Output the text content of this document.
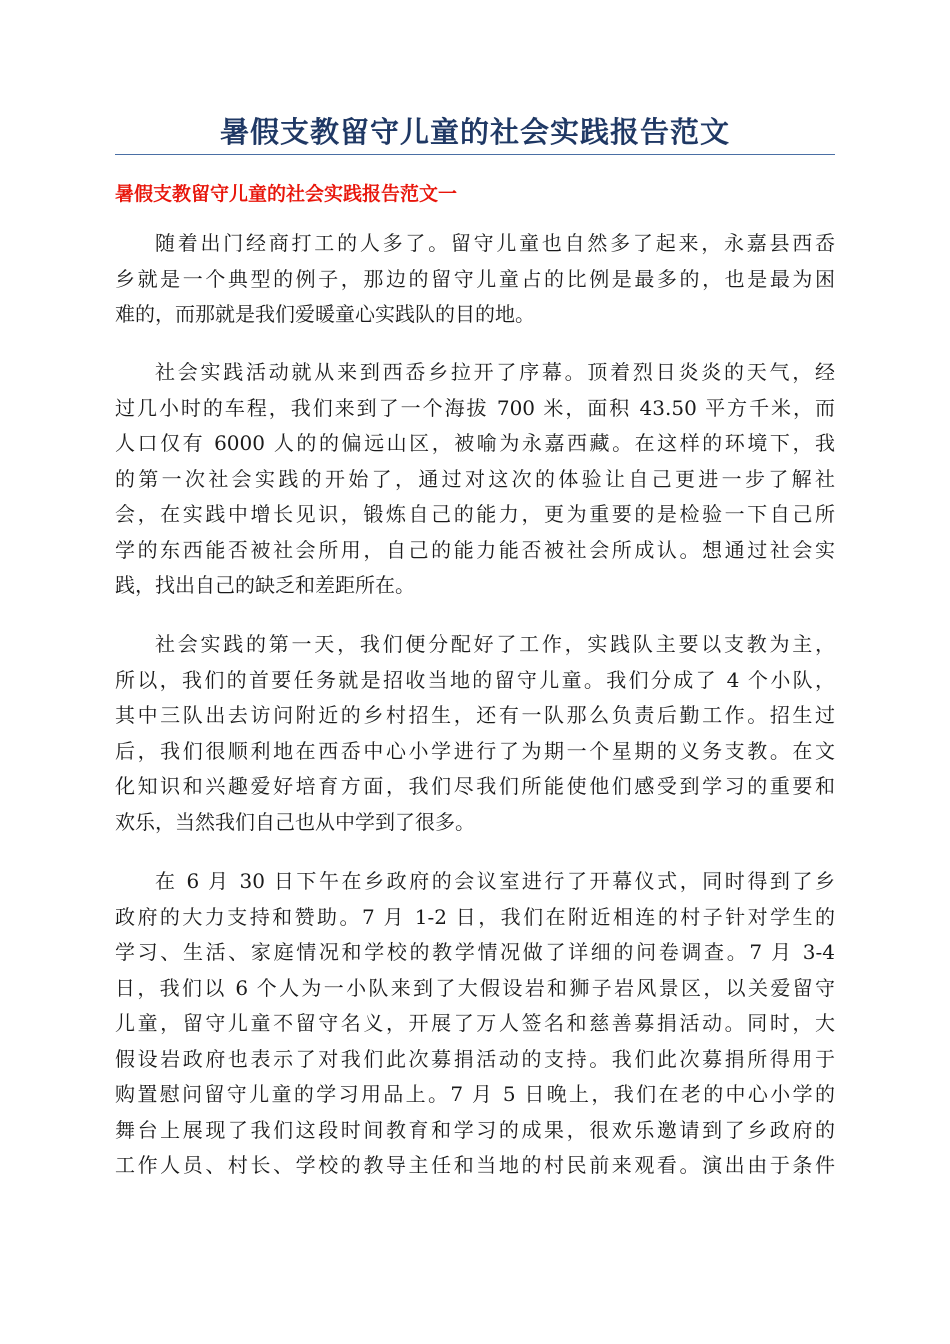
暑假支教留守儿童的社会实践报告范文
暑假支教留守儿童的社会实践报告范文一

随着出门经商打工的人多了。留守儿童也自然多了起来，永嘉县西岙
乡就是一个典型的例子，那边的留守儿童占的比例是最多的，也是最为困
难的，而那就是我们爱暖童心实践队的目的地。

社会实践活动就从来到西岙乡拉开了序幕。顶着烈日炎炎的天气，经
过几小时的车程，我们来到了一个海拔 700 米，面积 43.50 平方千米，而
人口仅有 6000 人的的偏远山区，被喻为永嘉西藏。在这样的环境下，我
的第一次社会实践的开始了，通过对这次的体验让自己更进一步了解社
会，在实践中增长见识，锻炼自己的能力，更为重要的是检验一下自己所
学的东西能否被社会所用，自己的能力能否被社会所成认。想通过社会实
践，找出自己的缺乏和差距所在。

社会实践的第一天，我们便分配好了工作，实践队主要以支教为主，
所以，我们的首要任务就是招收当地的留守儿童。我们分成了 4 个小队，
其中三队出去访问附近的乡村招生，还有一队那么负责后勤工作。招生过
后，我们很顺利地在西岙中心小学进行了为期一个星期的义务支教。在文
化知识和兴趣爱好培育方面，我们尽我们所能使他们感受到学习的重要和
欢乐，当然我们自己也从中学到了很多。

在 6 月 30 日下午在乡政府的会议室进行了开幕仪式，同时得到了乡
政府的大力支持和赞助。7 月 1-2 日，我们在附近相连的村子针对学生的
学习、生活、家庭情况和学校的教学情况做了详细的问卷调查。7 月 3-4
日，我们以 6 个人为一小队来到了大假设岩和狮子岩风景区，以关爱留守
儿童，留守儿童不留守名义，开展了万人签名和慈善募捐活动。同时，大
假设岩政府也表示了对我们此次募捐活动的支持。我们此次募捐所得用于
购置慰问留守儿童的学习用品上。7 月 5 日晚上，我们在老的中心小学的
舞台上展现了我们这段时间教育和学习的成果，很欢乐邀请到了乡政府的
工作人员、村长、学校的教导主任和当地的村民前来观看。演出由于条件
